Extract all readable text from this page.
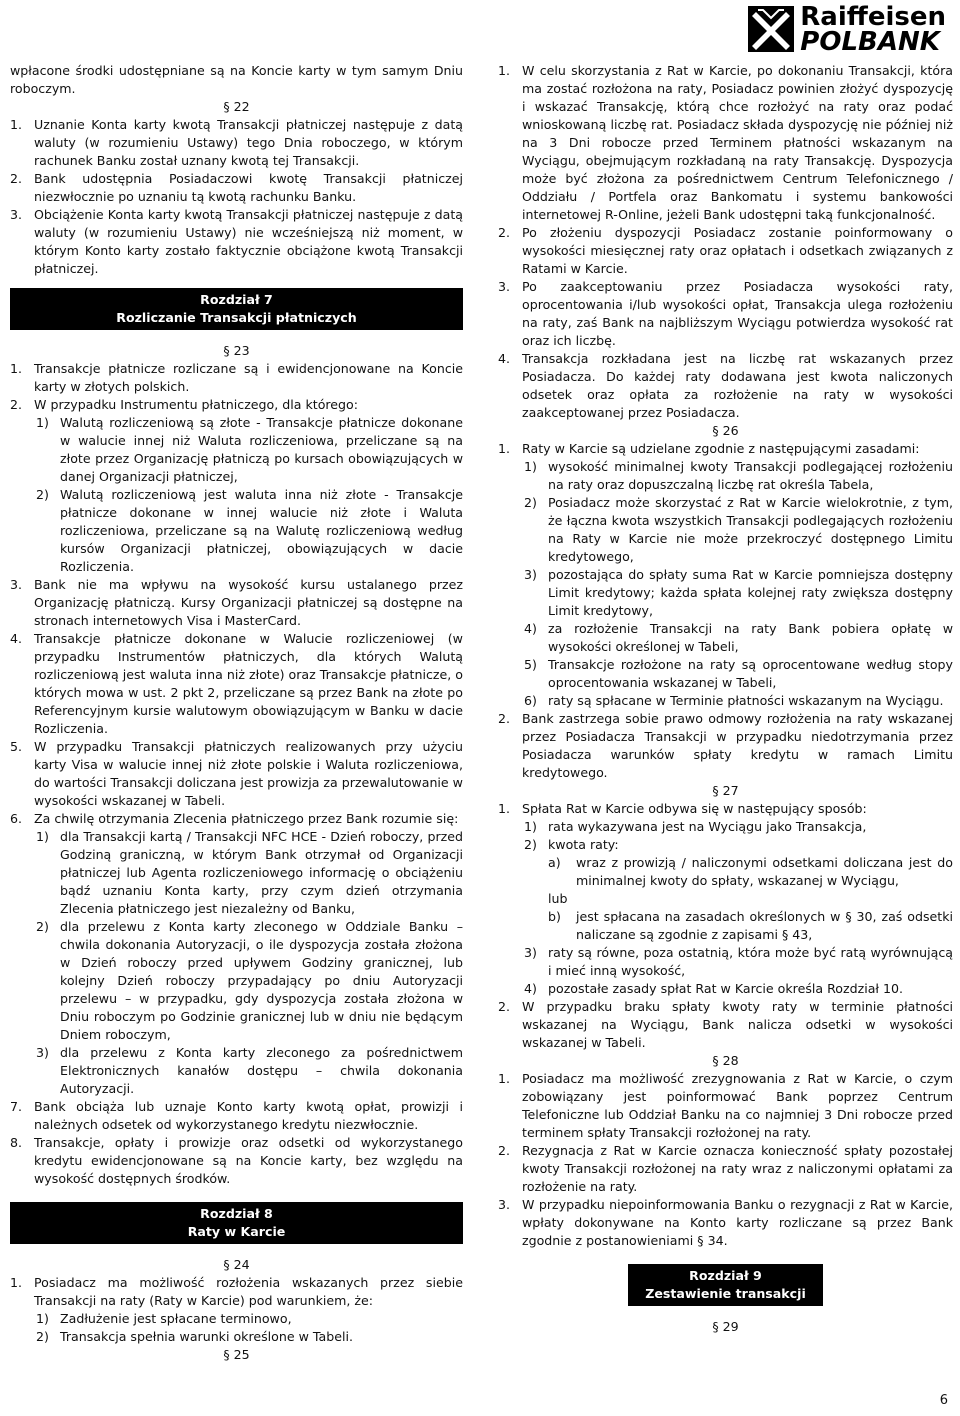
Raiffeisen
POLBANK

wpłacone środki udostępniane są na Koncie karty w tym samym Dniu roboczym.

§ 22
1. Uznanie Konta karty kwotą Transakcji płatniczej następuje z datą waluty (w rozumieniu Ustawy) tego Dnia roboczego, w którym rachunek Banku został uznany kwotą tej Transakcji.
2. Bank udostępnia Posiadaczowi kwotę Transakcji płatniczej niezwłocznie po uznaniu tą kwotą rachunku Banku.
3. Obciążenie Konta karty kwotą Transakcji płatniczej następuje z datą waluty (w rozumieniu Ustawy) nie wcześniejszą niż moment, w którym Konto karty zostało faktycznie obciążone kwotą Transakcji płatniczej.
Rozdział 7
Rozliczanie Transakcji płatniczych
§ 23
1. Transakcje płatnicze rozliczane są i ewidencjonowane na Koncie karty w złotych polskich.
2. W przypadku Instrumentu płatniczego, dla którego:
1) Walutą rozliczeniową są złote - Transakcje płatnicze dokonane w walucie innej niż Waluta rozliczeniowa, przeliczane są na złote przez Organizację płatniczą po kursach obowiązujących w danej Organizacji płatniczej,
2) Walutą rozliczeniową jest waluta inna niż złote - Transakcje płatnicze dokonane w innej walucie niż złote i Waluta rozliczeniowa, przeliczane są na Walutę rozliczeniową według kursów Organizacji płatniczej, obowiązujących w dacie Rozliczenia.
3. Bank nie ma wpływu na wysokość kursu ustalanego przez Organizację płatniczą. Kursy Organizacji płatniczej są dostępne na stronach internetowych Visa i MasterCard.
4. Transakcje płatnicze dokonane w Walucie rozliczeniowej (w przypadku Instrumentów płatniczych, dla których Walutą rozliczeniową jest waluta inna niż złote) oraz Transakcje płatnicze, o których mowa w ust. 2 pkt 2, przeliczane są przez Bank na złote po Referencyjnym kursie walutowym obowiązującym w Banku w dacie Rozliczenia.
5. W przypadku Transakcji płatniczych realizowanych przy użyciu karty Visa w walucie innej niż złote polskie i Waluta rozliczeniowa, do wartości Transakcji doliczana jest prowizja za przewalutowanie w wysokości wskazanej w Tabeli.
6. Za chwilę otrzymania Zlecenia płatniczego przez Bank rozumie się:
1) dla Transakcji kartą / Transakcji NFC HCE - Dzień roboczy, przed Godziną graniczną, w którym Bank otrzymał od Organizacji płatniczej lub Agenta rozliczeniowego informację o obciążeniu bądź uznaniu Konta karty, przy czym dzień otrzymania Zlecenia płatniczego jest niezależny od Banku,
2) dla przelewu z Konta karty zleconego w Oddziale Banku – chwila dokonania Autoryzacji, o ile dyspozycja została złożona w Dzień roboczy przed upływem Godziny granicznej, lub kolejny Dzień roboczy przypadający po dniu Autoryzacji przelewu – w przypadku, gdy dyspozycja została złożona w Dniu roboczym po Godzinie granicznej lub w dniu nie będącym Dniem roboczym,
3) dla przelewu z Konta karty zleconego za pośrednictwem Elektronicznych kanałów dostępu – chwila dokonania Autoryzacji.
7. Bank obciąża lub uznaje Konto karty kwotą opłat, prowizji i należnych odsetek od wykorzystanego kredytu niezwłocznie.
8. Transakcje, opłaty i prowizje oraz odsetki od wykorzystanego kredytu ewidencjonowane są na Koncie karty, bez względu na wysokość dostępnych środków.
Rozdział 8
Raty w Karcie
§ 24
1. Posiadacz ma możliwość rozłożenia wskazanych przez siebie Transakcji na raty (Raty w Karcie) pod warunkiem, że:
1) Zadłużenie jest spłacane terminowo,
2) Transakcja spełnia warunki określone w Tabeli.
§ 25
1. W celu skorzystania z Rat w Karcie, po dokonaniu Transakcji, która ma zostać rozłożona na raty, Posiadacz powinien złożyć dyspozycję i wskazać Transakcję, którą chce rozłożyć na raty oraz podać wnioskowaną liczbę rat. Posiadacz składa dyspozycję nie później niż na 3 Dni robocze przed Terminem płatności wskazanym na Wyciągu, obejmującym rozkładaną na raty Transakcję. Dyspozycja może być złożona za pośrednictwem Centrum Telefonicznego / Oddziału / Portfela oraz Bankomatu i systemu bankowości internetowej R-Online, jeżeli Bank udostępni taką funkcjonalność.
2. Po złożeniu dyspozycji Posiadacz zostanie poinformowany o wysokości miesięcznej raty oraz opłatach i odsetkach związanych z Ratami w Karcie.
3. Po zaakceptowaniu przez Posiadacza wysokości raty, oprocentowania i/lub wysokości opłat, Transakcja ulega rozłożeniu na raty, zaś Bank na najbliższym Wyciągu potwierdza wysokość rat oraz ich liczbę.
4. Transakcja rozkładana jest na liczbę rat wskazanych przez Posiadacza. Do każdej raty dodawana jest kwota naliczonych odsetek oraz opłata za rozłożenie na raty w wysokości zaakceptowanej przez Posiadacza.
§ 26
1. Raty w Karcie są udzielane zgodnie z następującymi zasadami:
1) wysokość minimalnej kwoty Transakcji podlegającej rozłożeniu na raty oraz dopuszczalną liczbę rat określa Tabela,
2) Posiadacz może skorzystać z Rat w Karcie wielokrotnie, z tym, że łączna kwota wszystkich Transakcji podlegających rozłożeniu na Raty w Karcie nie może przekroczyć dostępnego Limitu kredytowego,
3) pozostająca do spłaty suma Rat w Karcie pomniejsza dostępny Limit kredytowy; każda spłata kolejnej raty zwiększa dostępny Limit kredytowy,
4) za rozłożenie Transakcji na raty Bank pobiera opłatę w wysokości określonej w Tabeli,
5) Transakcje rozłożone na raty są oprocentowane według stopy oprocentowania wskazanej w Tabeli,
6) raty są spłacane w Terminie płatności wskazanym na Wyciągu.
2. Bank zastrzega sobie prawo odmowy rozłożenia na raty wskazanej przez Posiadacza Transakcji w przypadku niedotrzymania przez Posiadacza warunków spłaty kredytu w ramach Limitu kredytowego.
§ 27
1. Spłata Rat w Karcie odbywa się w następujący sposób:
1) rata wykazywana jest na Wyciągu jako Transakcja,
2) kwota raty:
a)	wraz z prowizją / naliczonymi odsetkami doliczana jest do minimalnej kwoty do spłaty, wskazanej w Wyciągu,
lub
b)	jest spłacana na zasadach określonych w § 30, zaś odsetki naliczane są zgodnie z zapisami § 43,
3) raty są równe, poza ostatnią, która może być ratą wyrównującą i mieć inną wysokość,
4) pozostałe zasady spłat Rat w Karcie określa Rozdział 10.
2. W przypadku braku spłaty kwoty raty w terminie płatności wskazanej na Wyciągu, Bank nalicza odsetki w wysokości wskazanej w Tabeli.
§ 28
1. Posiadacz ma możliwość zrezygnowania z Rat w Karcie, o czym zobowiązany jest poinformować Bank poprzez Centrum Telefoniczne lub Oddział Banku na co najmniej 3 Dni robocze przed terminem spłaty Transakcji rozłożonej na raty.
2. Rezygnacja z Rat w Karcie oznacza konieczność spłaty pozostałej kwoty Transakcji rozłożonej na raty wraz z naliczonymi opłatami za rozłożenie na raty.
3. W przypadku niepoinformowania Banku o rezygnacji z Rat w Karcie, wpłaty dokonywane na Konto karty rozliczane są przez Bank zgodnie z postanowieniami § 34.
Rozdział 9
Zestawienie transakcji
§ 29
6
